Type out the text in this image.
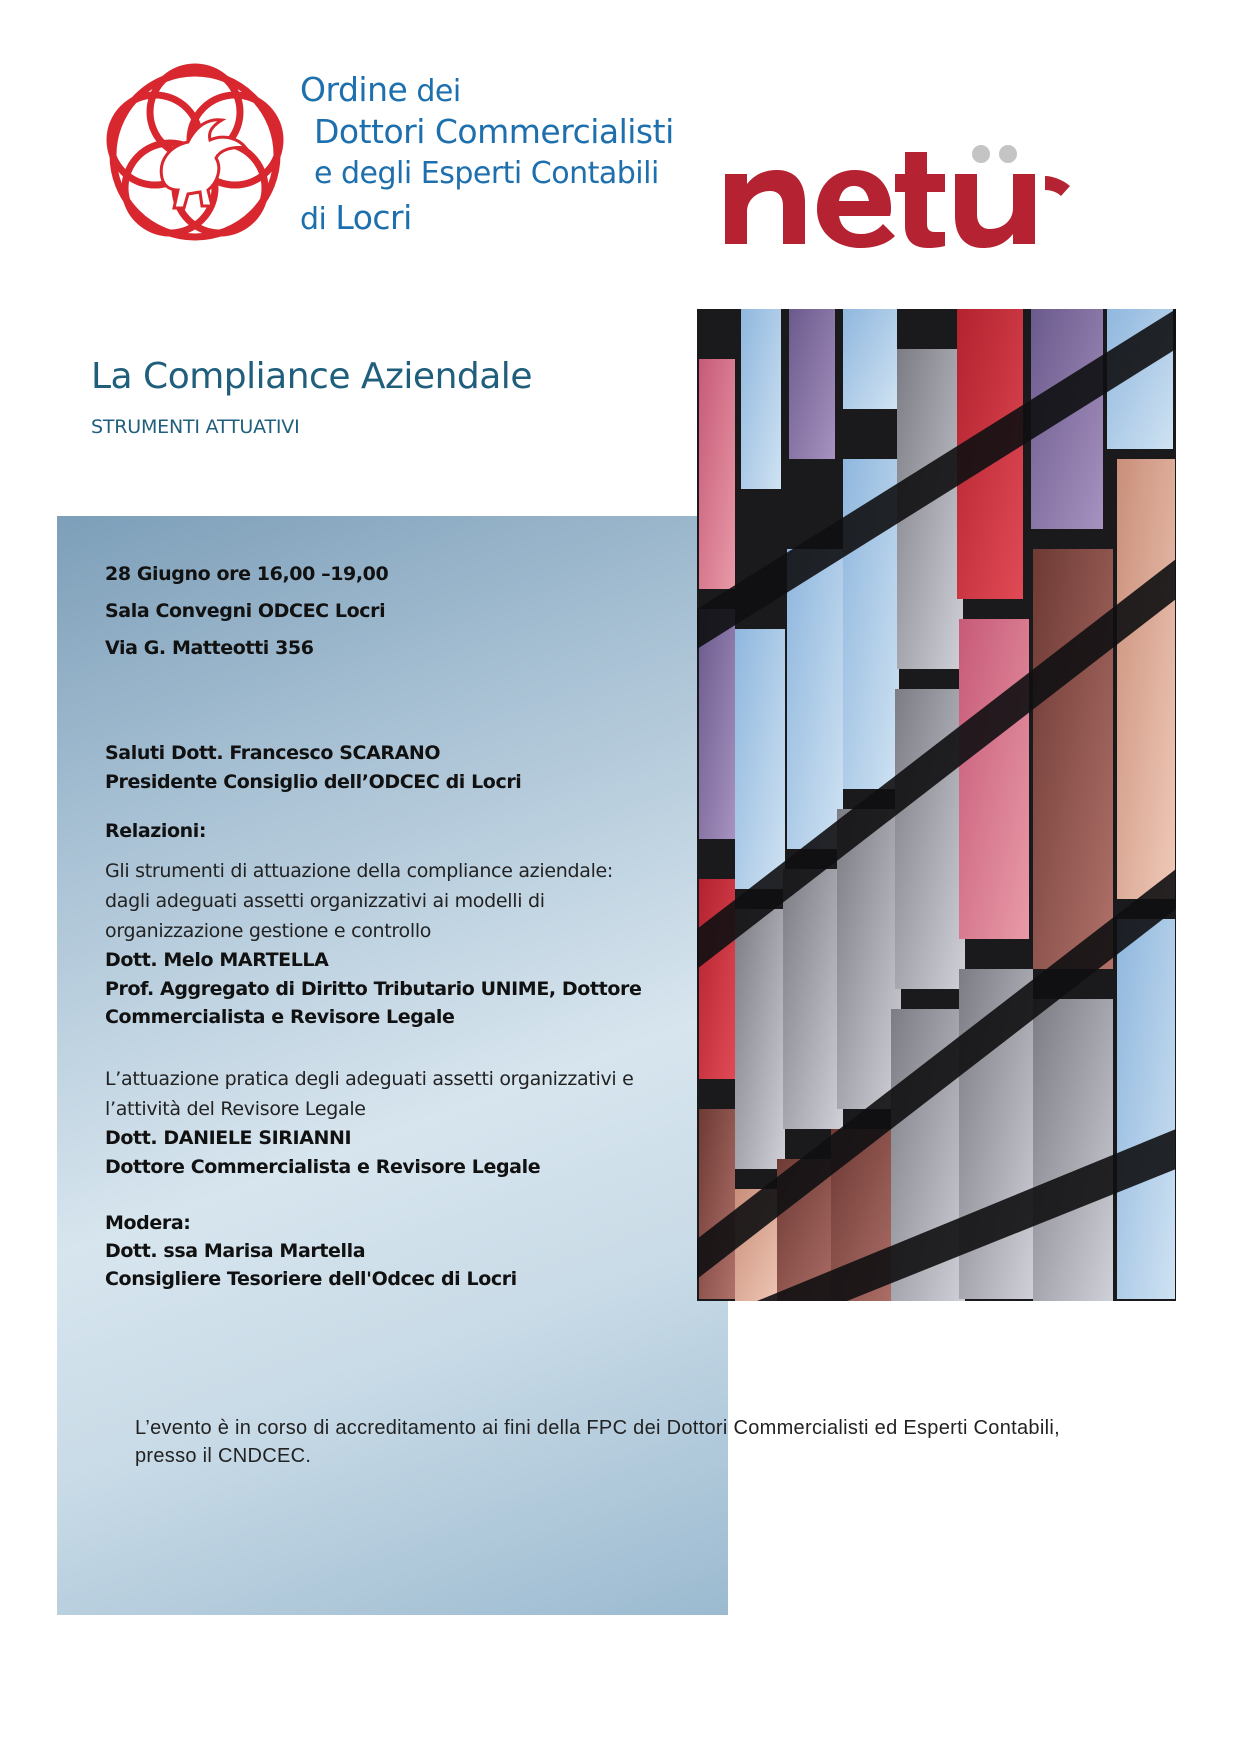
Ordine dei
Dottori Commercialisti
e degli Esperti Contabili
di Locri
La Compliance Aziendale
STRUMENTI ATTUATIVI
28 Giugno ore 16,00 –19,00
Sala Convegni ODCEC Locri
Via G. Matteotti 356
Saluti Dott. Francesco SCARANO
Presidente Consiglio dell’ODCEC di Locri
Relazioni:
Gli strumenti di attuazione della compliance aziendale:
dagli adeguati assetti organizzativi ai modelli di
organizzazione gestione e controllo
Dott. Melo MARTELLA
Prof. Aggregato di Diritto Tributario UNIME, Dottore
Commercialista e Revisore Legale
L’attuazione pratica degli adeguati assetti organizzativi e
l’attività del Revisore Legale
Dott. DANIELE SIRIANNI
Dottore Commercialista e Revisore Legale
Modera:
Dott. ssa Marisa Martella
Consigliere Tesoriere dell'Odcec di Locri
L’evento è in corso di accreditamento ai fini della FPC dei Dottori Commercialisti ed Esperti Contabili, presso il CNDCEC.
